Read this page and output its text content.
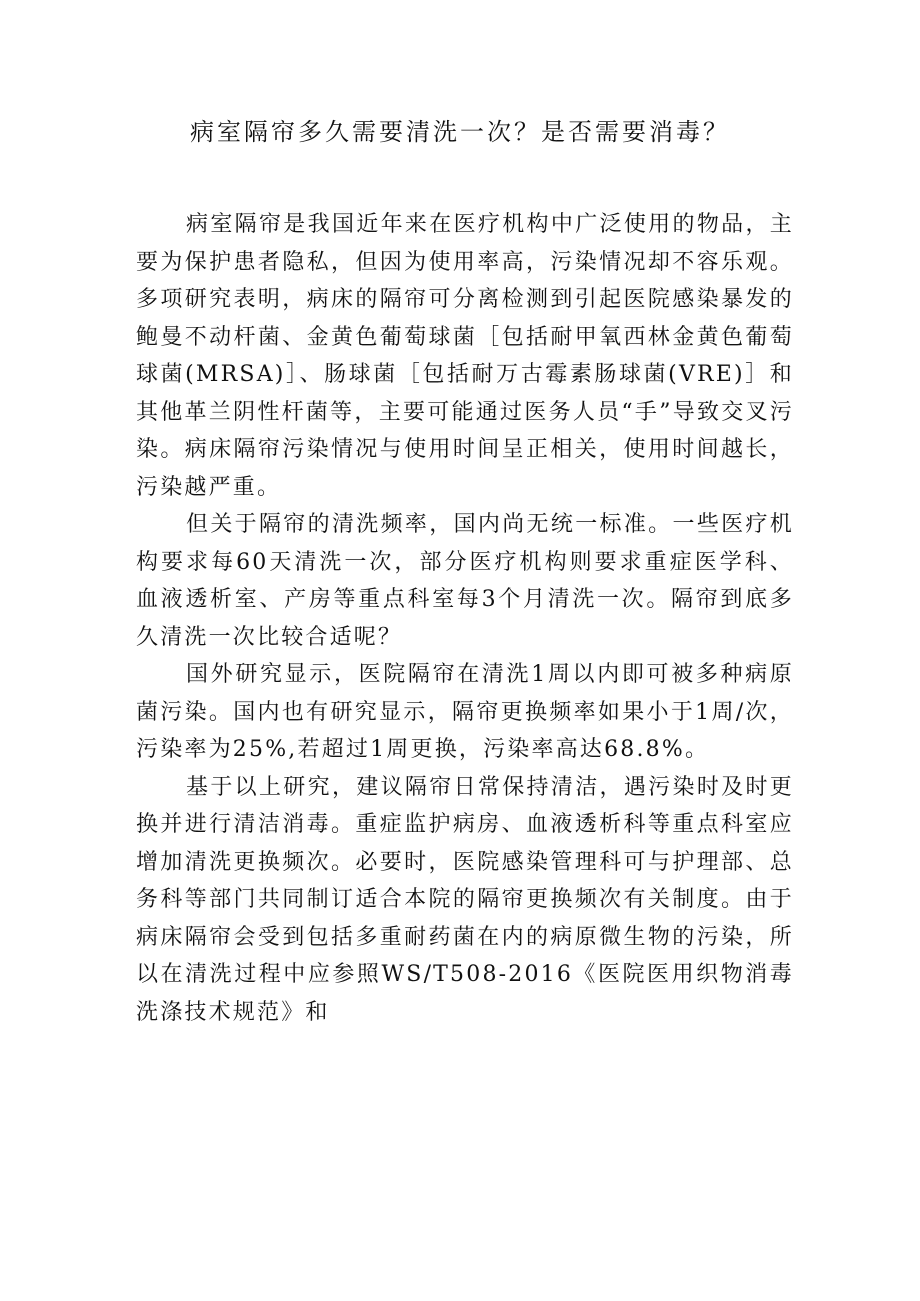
病室隔帘多久需要清洗一次？是否需要消毒？

病室隔帘是我国近年来在医疗机构中广泛使用的物品，主要为保护患者隐私，但因为使用率高，污染情况却不容乐观。多项研究表明，病床的隔帘可分离检测到引起医院感染暴发的鲍曼不动杆菌、金黄色葡萄球菌［包括耐甲氧西林金黄色葡萄球菌(MRSA)］、肠球菌［包括耐万古霉素肠球菌(VRE)］和其他革兰阴性杆菌等，主要可能通过医务人员“手”导致交叉污染。病床隔帘污染情况与使用时间呈正相关，使用时间越长，污染越严重。

但关于隔帘的清洗频率，国内尚无统一标准。一些医疗机构要求每60天清洗一次，部分医疗机构则要求重症医学科、血液透析室、产房等重点科室每3个月清洗一次。隔帘到底多久清洗一次比较合适呢？

国外研究显示，医院隔帘在清洗1周以内即可被多种病原菌污染。国内也有研究显示，隔帘更换频率如果小于1周/次，污染率为25%,若超过1周更换，污染率高达68.8%。

基于以上研究，建议隔帘日常保持清洁，遇污染时及时更换并进行清洁消毒。重症监护病房、血液透析科等重点科室应增加清洗更换频次。必要时，医院感染管理科可与护理部、总务科等部门共同制订适合本院的隔帘更换频次有关制度。由于病床隔帘会受到包括多重耐药菌在内的病原微生物的污染，所以在清洗过程中应参照WS/T508-2016《医院医用织物消毒洗涤技术规范》和
